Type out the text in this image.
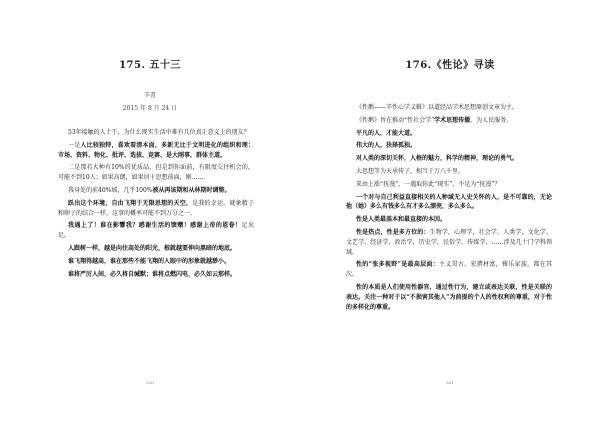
175. 五十三
辛書
2015 年 8 月 24 日

53年接触的人十干，为什么现实生活中难有几位真正意义上的朋友？

一是人比较独特，喜欢看清本面，多新无比于文明进化的组织和理：市场、资料、物化、批评、选拔、竞赛、是大刚事，群体主道。

二是那若大种有10%的优质品，但是到你面前，有限度交往机会的，可能不到10人；如果高朗，如果居于思想前面，刚……

我身处的前40%域，几乎100%被从再该期和从林期时调整。

跃出这个环境，自由飞翔于无限思想的天空，是我的幸运。就象精子和卵子的结合一样，这事的概率可能不到万分之一。

我遇上了！谁在影響我？感谢生活的馈赠！感谢上帝的恩眷！足矣足。

人跟树一样，越是向往高处的阳光，根就越要伸向黑暗的地底。

谁飞翔得越高，谁在那些不能飞翔的人眼中的形象就越渺小。

谁将严厉人间，必久将自缄默；谁将点燃闪电，必久如云那样。

320
176.《性论》寻读

《性鹅——辛性心学义辑》以道经品学术思想原创文章为主。

《性鹅》旨在推动“性社会学”学术思想传播，为人民服务。

平凡的人，才能大道。

伟大的人，抉择孤独。

对人类的深切关怀，人格的魅力，科学的精神，理论的勇气。

大思想等为天承传子，相当于万八千里。

来由上涨“抚漫”，一遇取你此“现实”，不是为“抚漫”？

一个对与自己利益直接相关的人种域无人史关怀的人，是不可靠的，无论他（她）多么有钱多么有才多么漂亮，多么多么。

性是人类最基本和最直接的本因。

性是热点，性是多方位的：生物学，心理学，社会学，人类学，文化学，文艺学，经济学，政治学，历史学，民俗学，传媒学，……涉及几十门学科领域。

性的“张多视野”是最高层面：主义贯古，宏撰材富，雅乐家族，都在其次。

性的本质是人们使用性器官，通过性行为，建立或表达关联，性是关联的表达。关注一种对于以“不损害其他人”为前提的个人的性权利的尊重，对于性的多样化的尊重。

321
